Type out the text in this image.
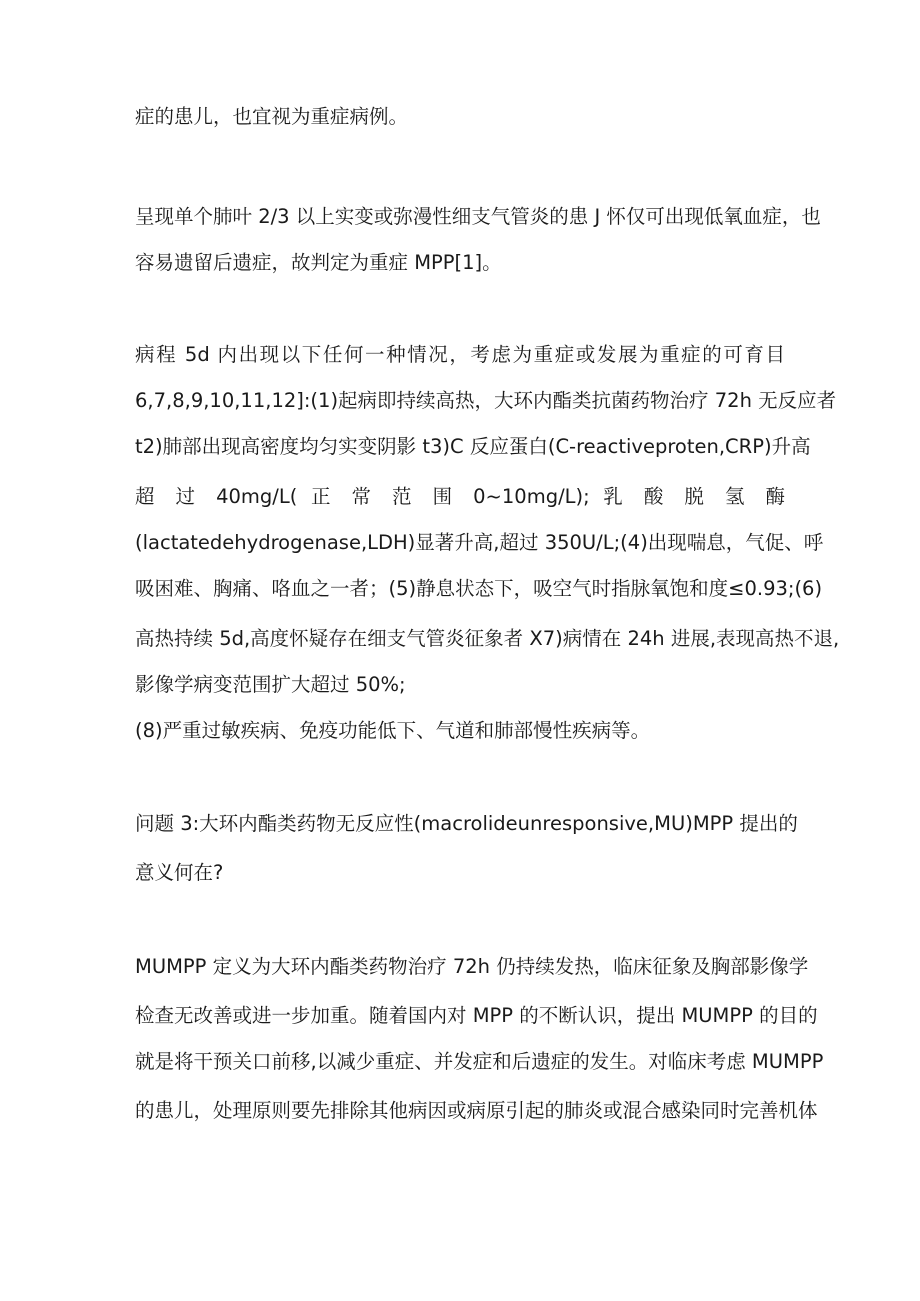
症的患儿，也宜视为重症病例。
呈现单个肺叶 2/3 以上实变或弥漫性细支气管炎的患 J 怀仅可出现低氧血症，也
容易遗留后遗症，故判定为重症 MPP[1]。
病程 5d 内出现以下任何一种情况，考虑为重症或发展为重症的可育目
6,7,8,9,10,11,12]:(1)起病即持续高热，大环内酯类抗菌药物治疗 72h 无反应者
t2)肺部出现高密度均匀实变阴影 t3)C 反应蛋白(C-reactiveproten,CRP)升高
超 过 40mg/L( 正 常 范 围 0~10mg/L); 乳 酸 脱 氢 酶
(lactatedehydrogenase,LDH)显著升高,超过 350U/L;(4)出现喘息，气促、呼
吸困难、胸痛、咯血之一者；(5)静息状态下，吸空气时指脉氧饱和度≤0.93;(6)
高热持续 5d,高度怀疑存在细支气管炎征象者 X7)病情在 24h 进展,表现高热不退,
影像学病变范围扩大超过 50%;
(8)严重过敏疾病、免疫功能低下、气道和肺部慢性疾病等。
问题 3:大环内酯类药物无反应性(macrolideunresponsive,MU)MPP 提出的
意义何在?
MUMPP 定义为大环内酯类药物治疗 72h 仍持续发热，临床征象及胸部影像学
检查无改善或进一步加重。随着国内对 MPP 的不断认识，提出 MUMPP 的目的
就是将干预关口前移,以减少重症、并发症和后遗症的发生。对临床考虑 MUMPP
的患儿，处理原则要先排除其他病因或病原引起的肺炎或混合感染同时完善机体
